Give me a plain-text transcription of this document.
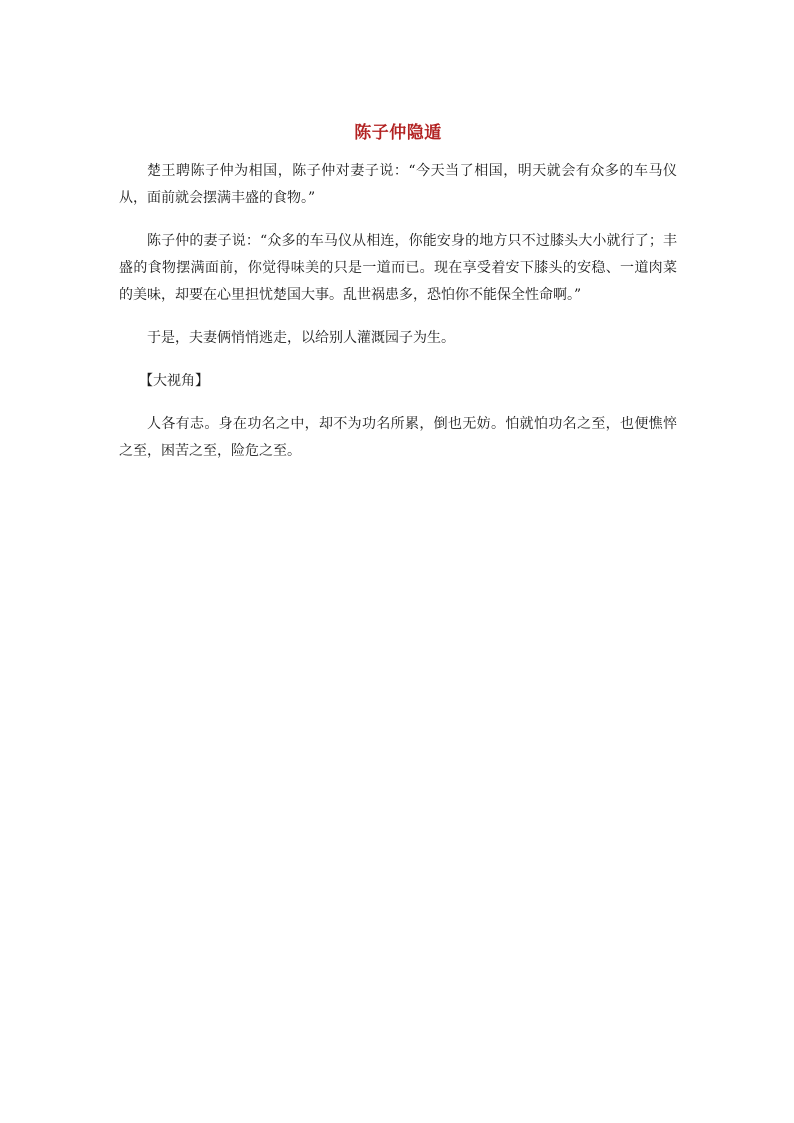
陈子仲隐遁

楚王聘陈子仲为相国，陈子仲对妻子说：“今天当了相国，明天就会有众多的车马仪从，面前就会摆满丰盛的食物。”

陈子仲的妻子说：“众多的车马仪从相连，你能安身的地方只不过膝头大小就行了；丰盛的食物摆满面前，你觉得味美的只是一道而已。现在享受着安下膝头的安稳、一道肉菜的美味，却要在心里担忧楚国大事。乱世祸患多，恐怕你不能保全性命啊。”

于是，夫妻俩悄悄逃走，以给别人灌溉园子为生。

【大视角】

人各有志。身在功名之中，却不为功名所累，倒也无妨。怕就怕功名之至，也便憔悴之至，困苦之至，险危之至。
